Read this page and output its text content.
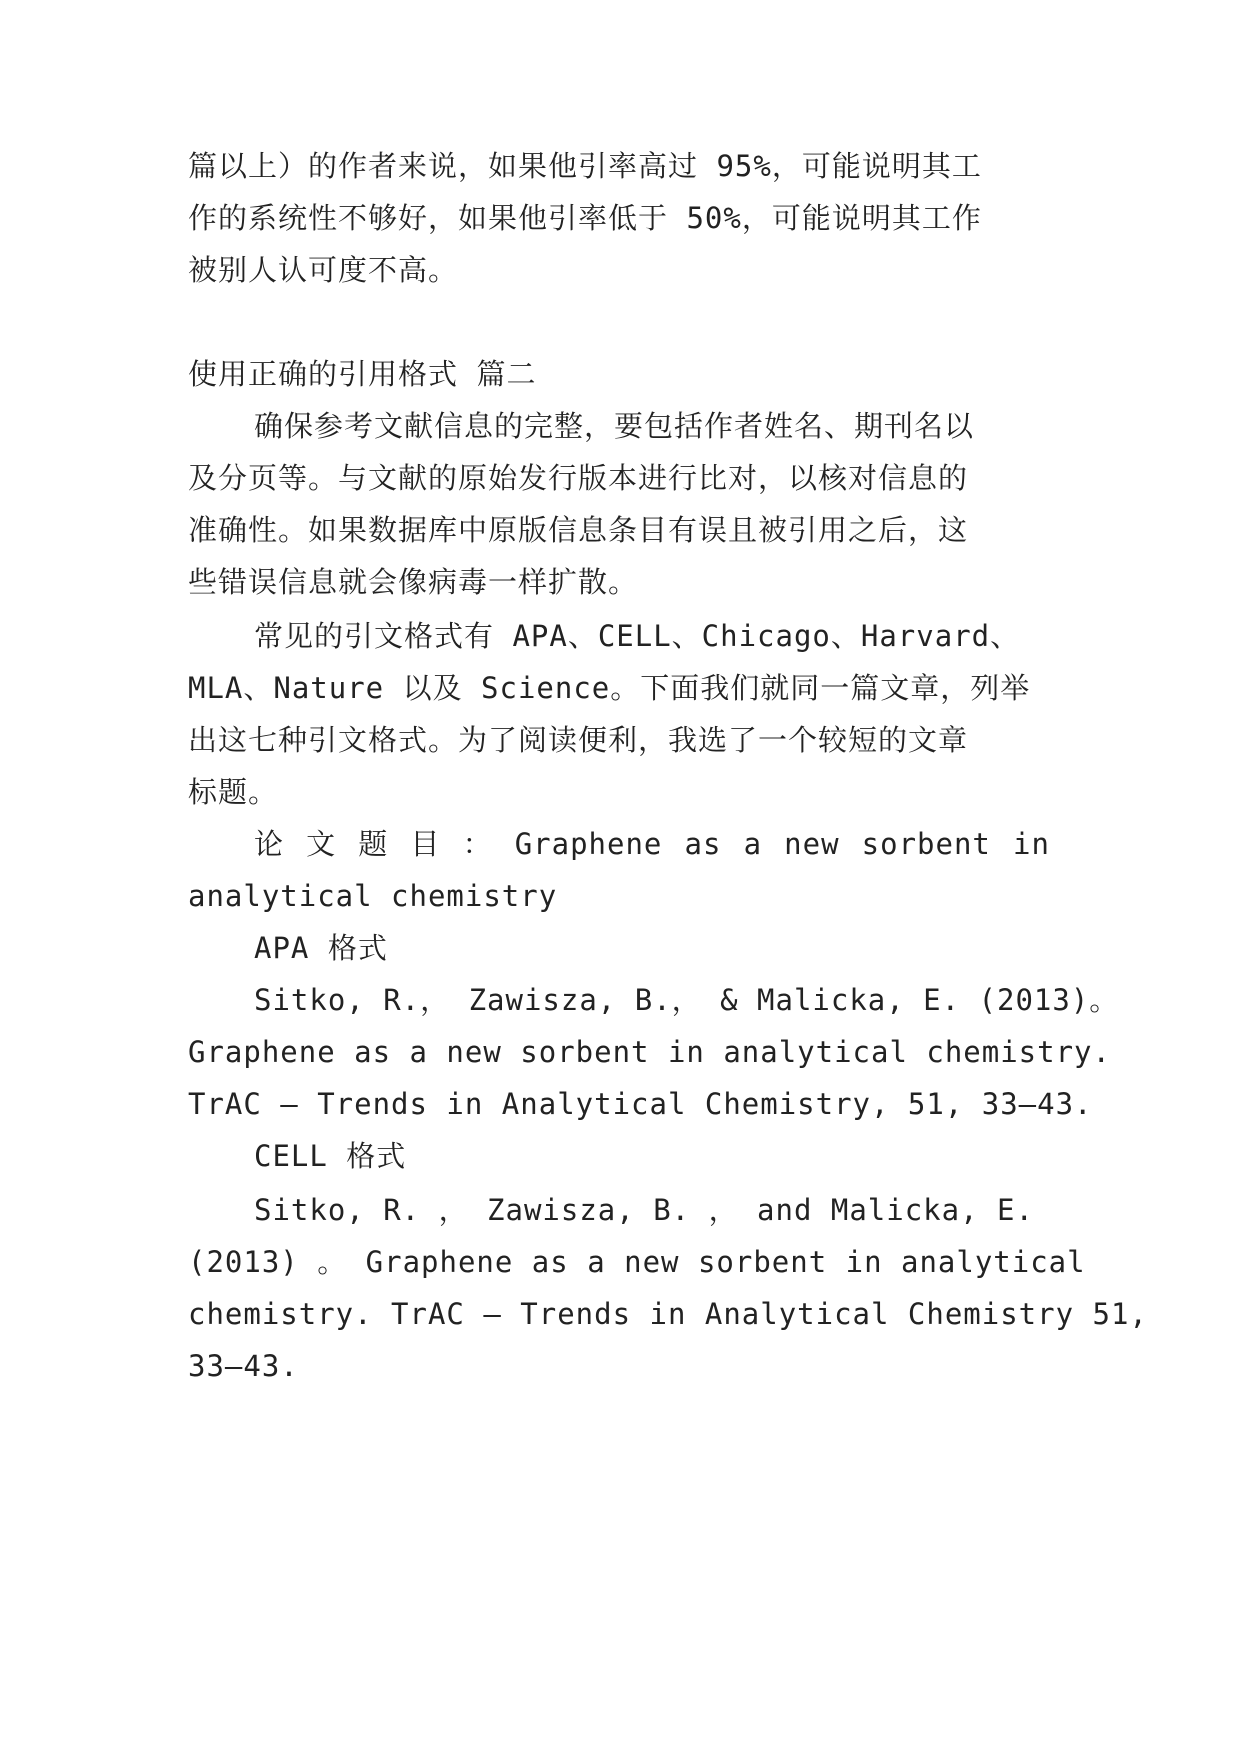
篇以上）的作者来说，如果他引率高过 95%，可能说明其工
作的系统性不够好，如果他引率低于 50%，可能说明其工作
被别人认可度不高。
使用正确的引用格式 篇二
确保参考文献信息的完整，要包括作者姓名、期刊名以
及分页等。与文献的原始发行版本进行比对，以核对信息的
准确性。如果数据库中原版信息条目有误且被引用之后，这
些错误信息就会像病毒一样扩散。
常见的引文格式有 APA、CELL、Chicago、Harvard、
MLA、Nature 以及 Science。下面我们就同一篇文章，列举
出这七种引文格式。为了阅读便利，我选了一个较短的文章
标题。
论 文 题 目 ： Graphene as a new sorbent in
analytical chemistry
APA 格式
Sitko, R.， Zawisza, B.， & Malicka, E. (2013)。
Graphene as a new sorbent in analytical chemistry.
TrAC – Trends in Analytical Chemistry, 51, 33–43.
CELL 格式
Sitko, R. ， Zawisza, B. ， and Malicka, E.
(2013) 。 Graphene as a new sorbent in analytical
chemistry. TrAC – Trends in Analytical Chemistry 51,
33–43.
